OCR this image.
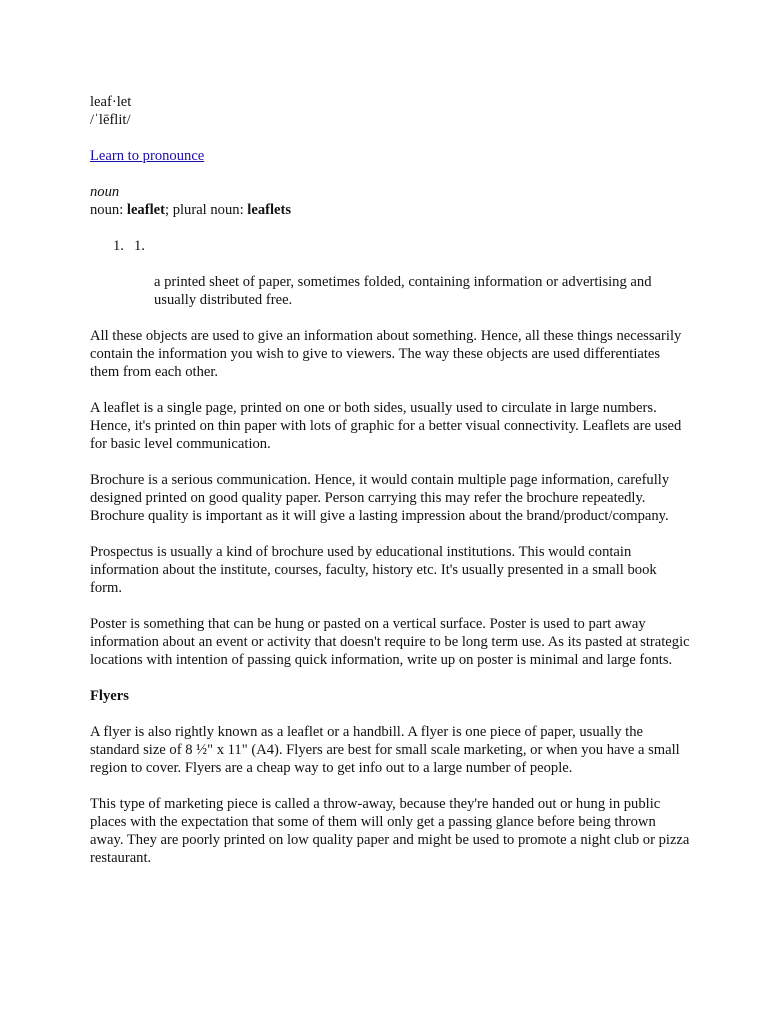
leaf·let
/ˈlēflit/
Learn to pronounce
noun
noun: leaflet; plural noun: leaflets
1. 1.
a printed sheet of paper, sometimes folded, containing information or advertising and usually distributed free.

All these objects are used to give an information about something. Hence, all these things necessarily contain the information you wish to give to viewers. The way these objects are used differentiates them from each other.

A leaflet is a single page, printed on one or both sides, usually used to circulate in large numbers. Hence, it's printed on thin paper with lots of graphic for a better visual connectivity. Leaflets are used for basic level communication.

Brochure is a serious communication. Hence, it would contain multiple page information, carefully designed printed on good quality paper. Person carrying this may refer the brochure repeatedly. Brochure quality is important as it will give a lasting impression about the brand/product/company.

Prospectus is usually a kind of brochure used by educational institutions. This would contain information about the institute, courses, faculty, history etc. It's usually presented in a small book form.

Poster is something that can be hung or pasted on a vertical surface. Poster is used to part away information about an event or activity that doesn't require to be long term use. As its pasted at strategic locations with intention of passing quick information, write up on poster is minimal and large fonts.

Flyers

A flyer is also rightly known as a leaflet or a handbill. A flyer is one piece of paper, usually the standard size of 8 ½" x 11" (A4). Flyers are best for small scale marketing, or when you have a small region to cover. Flyers are a cheap way to get info out to a large number of people.

This type of marketing piece is called a throw-away, because they're handed out or hung in public places with the expectation that some of them will only get a passing glance before being thrown away. They are poorly printed on low quality paper and might be used to promote a night club or pizza restaurant.
